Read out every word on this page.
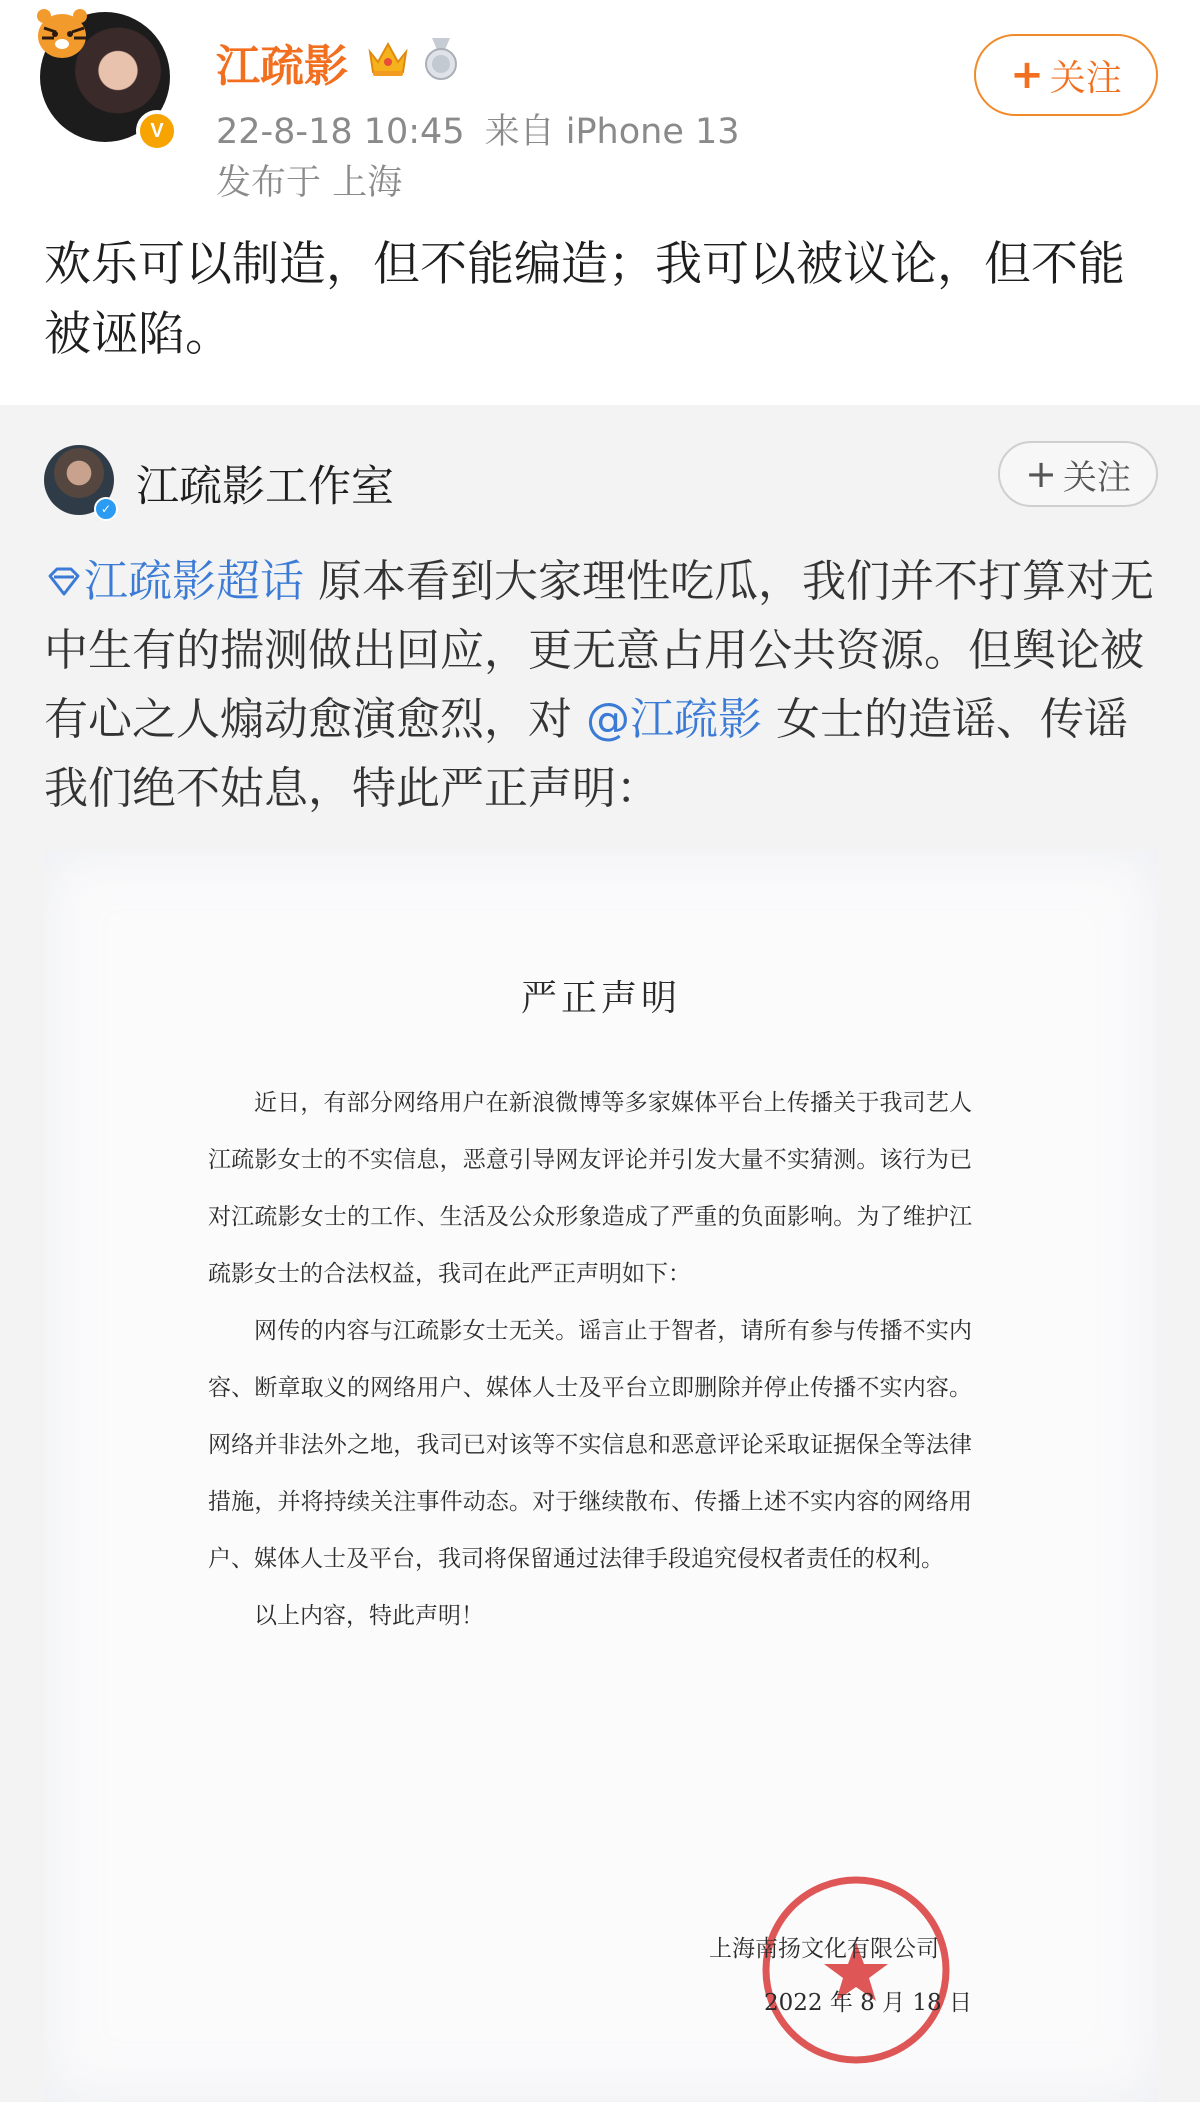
V
江疏影
22-8-18 10:45 来自 iPhone 13
发布于 上海
+ 关注
欢乐可以制造，但不能编造；我可以被议论，但不能被诬陷。
✓ 江疏影工作室	+ 关注
江疏影超话 原本看到大家理性吃瓜，我们并不打算对无中生有的揣测做出回应，更无意占用公共资源。但舆论被有心之人煽动愈演愈烈，对 @江疏影 女士的造谣、传谣我们绝不姑息，特此严正声明：
严正声明

近日，有部分网络用户在新浪微博等多家媒体平台上传播关于我司艺人江疏影女士的不实信息，恶意引导网友评论并引发大量不实猜测。该行为已对江疏影女士的工作、生活及公众形象造成了严重的负面影响。为了维护江疏影女士的合法权益，我司在此严正声明如下：

网传的内容与江疏影女士无关。谣言止于智者，请所有参与传播不实内容、断章取义的网络用户、媒体人士及平台立即删除并停止传播不实内容。网络并非法外之地，我司已对该等不实信息和恶意评论采取证据保全等法律措施，并将持续关注事件动态。对于继续散布、传播上述不实内容的网络用户、媒体人士及平台，我司将保留通过法律手段追究侵权者责任的权利。

以上内容，特此声明！

上海南扬文化有限公司
2022 年 8 月 18 日
